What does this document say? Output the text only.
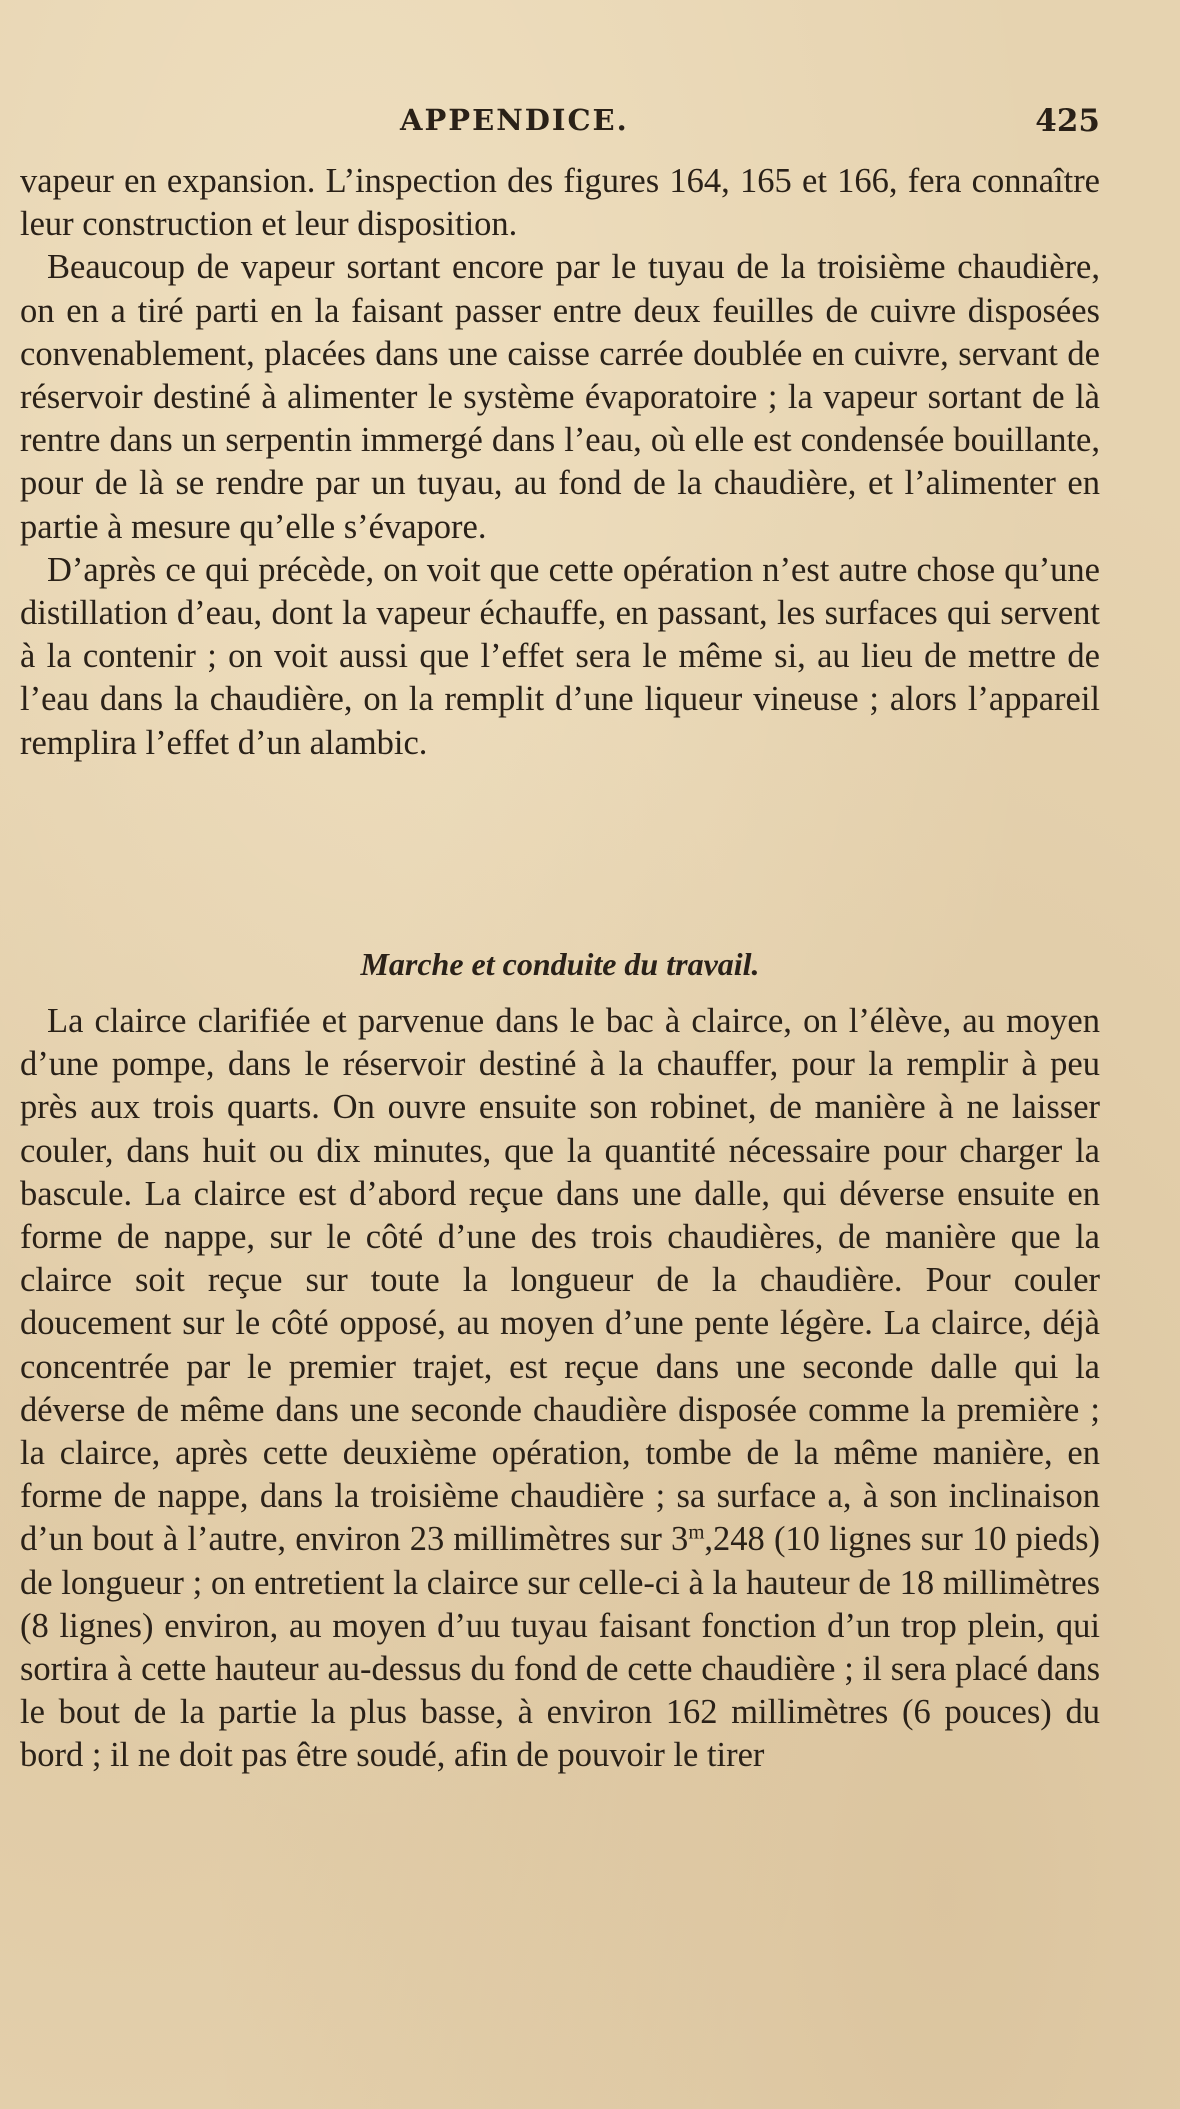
APPENDICE.	425

vapeur en expansion. L’inspection des figures 164, 165 et 166, fera connaître leur construction et leur disposition.

Beaucoup de vapeur sortant encore par le tuyau de la troisième chaudière, on en a tiré parti en la faisant passer entre deux feuilles de cuivre disposées convenablement, placées dans une caisse carrée doublée en cuivre, servant de réservoir destiné à alimenter le système évaporatoire ; la vapeur sortant de là rentre dans un serpentin immergé dans l’eau, où elle est condensée bouillante, pour de là se rendre par un tuyau, au fond de la chaudière, et l’alimenter en partie à mesure qu’elle s’évapore.

D’après ce qui précède, on voit que cette opération n’est autre chose qu’une distillation d’eau, dont la vapeur échauffe, en passant, les surfaces qui servent à la contenir ; on voit aussi que l’effet sera le même si, au lieu de mettre de l’eau dans la chaudière, on la remplit d’une liqueur vineuse ; alors l’appareil remplira l’effet d’un alambic.

Marche et conduite du travail.

La clairce clarifiée et parvenue dans le bac à clairce, on l’élève, au moyen d’une pompe, dans le réservoir destiné à la chauffer, pour la remplir à peu près aux trois quarts. On ouvre ensuite son robinet, de manière à ne laisser couler, dans huit ou dix minutes, que la quantité nécessaire pour charger la bascule. La clairce est d’abord reçue dans une dalle, qui déverse ensuite en forme de nappe, sur le côté d’une des trois chaudières, de manière que la clairce soit reçue sur toute la longueur de la chaudière. Pour couler doucement sur le côté opposé, au moyen d’une pente légère. La clairce, déjà concentrée par le premier trajet, est reçue dans une seconde dalle qui la déverse de même dans une seconde chaudière disposée comme la première ; la clairce, après cette deuxième opération, tombe de la même manière, en forme de nappe, dans la troisième chaudière ; sa surface a, à son inclinaison d’un bout à l’autre, environ 23 millimètres sur 3$^m$,248 (10 lignes sur 10 pieds) de longueur ; on entretient la clairce sur celle-ci à la hauteur de 18 millimètres (8 lignes) environ, au moyen d’uu tuyau faisant fonction d’un trop plein, qui sortira à cette hauteur au-dessus du fond de cette chaudière ; il sera placé dans le bout de la partie la plus basse, à environ 162 millimètres (6 pouces) du bord ; il ne doit pas être soudé, afin de pouvoir le tirer
